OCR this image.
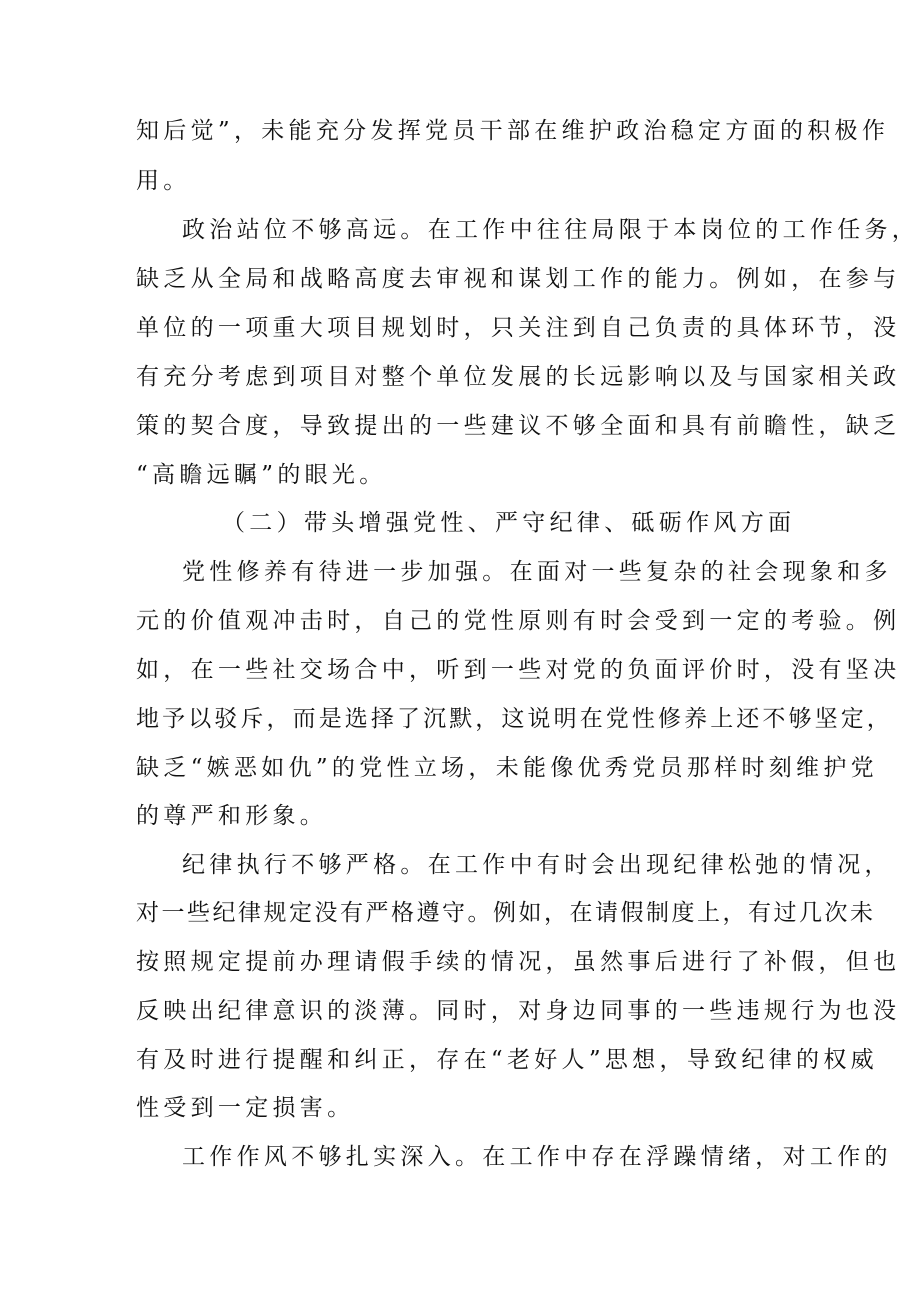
知后觉”，未能充分发挥党员干部在维护政治稳定方面的积极作
用。
政治站位不够高远。在工作中往往局限于本岗位的工作任务，
缺乏从全局和战略高度去审视和谋划工作的能力。例如，在参与
单位的一项重大项目规划时，只关注到自己负责的具体环节，没
有充分考虑到项目对整个单位发展的长远影响以及与国家相关政
策的契合度，导致提出的一些建议不够全面和具有前瞻性，缺乏
“高瞻远瞩”的眼光。
（二）带头增强党性、严守纪律、砥砺作风方面
党性修养有待进一步加强。在面对一些复杂的社会现象和多
元的价值观冲击时，自己的党性原则有时会受到一定的考验。例
如，在一些社交场合中，听到一些对党的负面评价时，没有坚决
地予以驳斥，而是选择了沉默，这说明在党性修养上还不够坚定，
缺乏“嫉恶如仇”的党性立场，未能像优秀党员那样时刻维护党
的尊严和形象。
纪律执行不够严格。在工作中有时会出现纪律松弛的情况，
对一些纪律规定没有严格遵守。例如，在请假制度上，有过几次未
按照规定提前办理请假手续的情况，虽然事后进行了补假，但也
反映出纪律意识的淡薄。同时，对身边同事的一些违规行为也没
有及时进行提醒和纠正，存在“老好人”思想，导致纪律的权威
性受到一定损害。
工作作风不够扎实深入。在工作中存在浮躁情绪，对工作的
